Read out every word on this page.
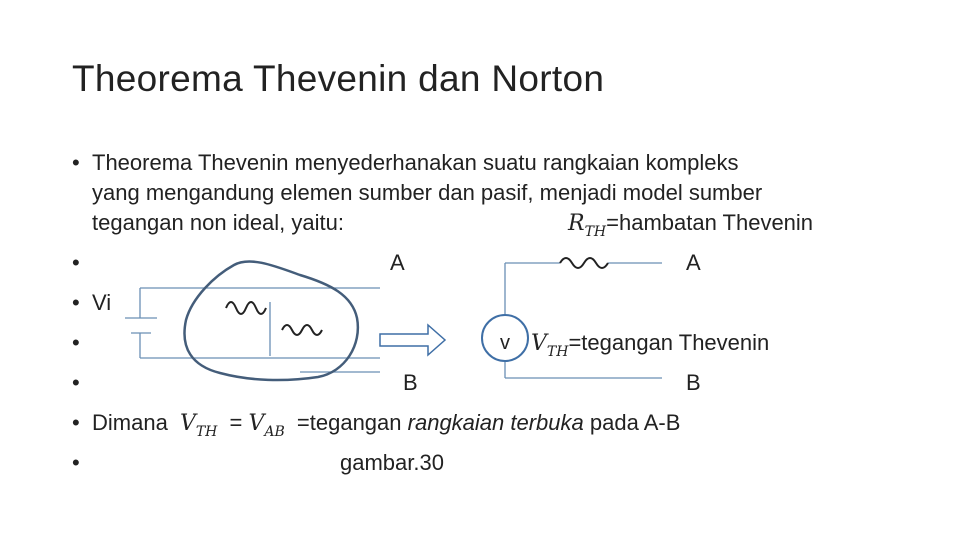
Theorema Thevenin dan Norton
•
•
•
•
•
•
•
Theorema Thevenin menyederhanakan suatu rangkaian kompleks
yang mengandung elemen sumber dan pasif, menjadi model sumber
tegangan non ideal, yaitu:	$R_{TH}=hambatan$ Thevenin
Vi
A
B
A
B
$V_{TH}=tegangan$ Thevenin
Dimana $V_{TH} = V_{AB}$ =tegangan rangkaian terbuka pada A-B
gambar.30
v
